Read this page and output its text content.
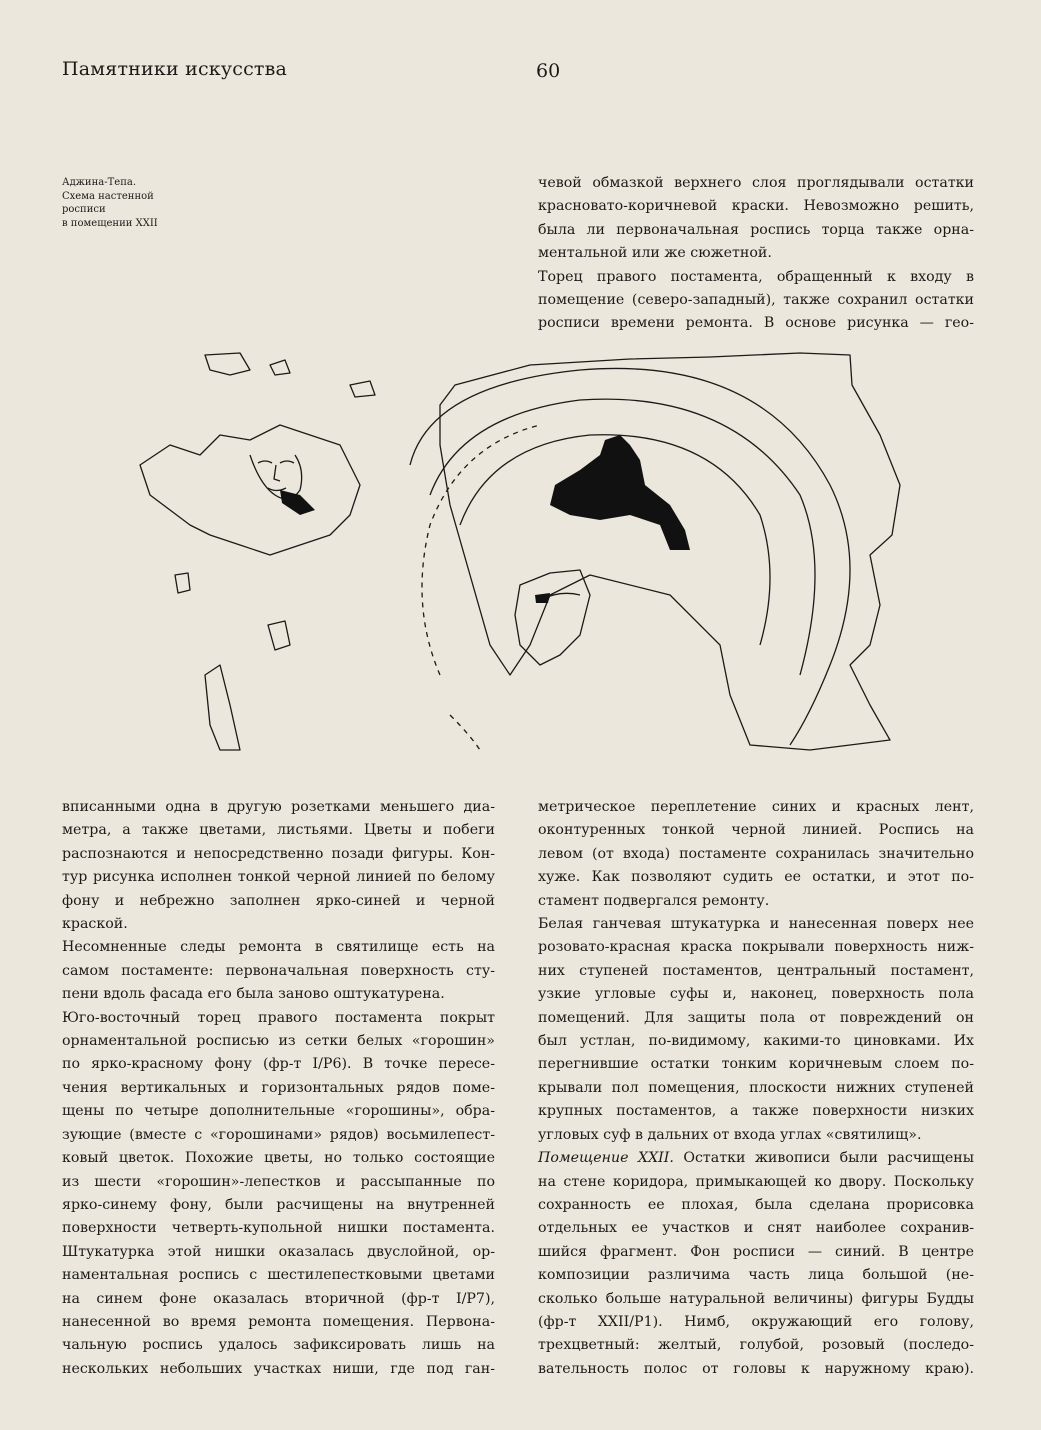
Памятники искусства	60
Аджина-Тепа.
Схема настенной
росписи
в помещении XXII
чевой обмазкой верхнего слоя проглядывали остатки
красновато-коричневой краски. Невозможно решить,
была ли первоначальная роспись торца также орна-
ментальной или же сюжетной.
Торец правого постамента, обращенный к входу в
помещение (северо-западный), также сохранил остатки
росписи времени ремонта. В основе рисунка — гео-
вписанными одна в другую розетками меньшего диа-
метра, а также цветами, листьями. Цветы и побеги
распознаются и непосредственно позади фигуры. Кон-
тур рисунка исполнен тонкой черной линией по белому
фону и небрежно заполнен ярко-синей и черной
краской.
Несомненные следы ремонта в святилище есть на
самом постаменте: первоначальная поверхность сту-
пени вдоль фасада его была заново оштукатурена.
Юго-восточный торец правого постамента покрыт
орнаментальной росписью из сетки белых «горошин»
по ярко-красному фону (фр-т I/P6). В точке пересе-
чения вертикальных и горизонтальных рядов поме-
щены по четыре дополнительные «горошины», обра-
зующие (вместе с «горошинами» рядов) восьмилепест-
ковый цветок. Похожие цветы, но только состоящие
из шести «горошин»-лепестков и рассыпанные по
ярко-синему фону, были расчищены на внутренней
поверхности четверть-купольной нишки постамента.
Штукатурка этой нишки оказалась двуслойной, ор-
наментальная роспись с шестилепестковыми цветами
на синем фоне оказалась вторичной (фр-т I/P7),
нанесенной во время ремонта помещения. Первона-
чальную роспись удалось зафиксировать лишь на
нескольких небольших участках ниши, где под ган-
метрическое переплетение синих и красных лент,
оконтуренных тонкой черной линией. Роспись на
левом (от входа) постаменте сохранилась значительно
хуже. Как позволяют судить ее остатки, и этот по-
стамент подвергался ремонту.
Белая ганчевая штукатурка и нанесенная поверх нее
розовато-красная краска покрывали поверхность ниж-
них ступеней постаментов, центральный постамент,
узкие угловые суфы и, наконец, поверхность пола
помещений. Для защиты пола от повреждений он
был устлан, по-видимому, какими-то циновками. Их
перегнившие остатки тонким коричневым слоем по-
крывали пол помещения, плоскости нижних ступеней
крупных постаментов, а также поверхности низких
угловых суф в дальних от входа углах «святилищ».
Помещение XXII. Остатки живописи были расчищены
на стене коридора, примыкающей ко двору. Поскольку
сохранность ее плохая, была сделана прорисовка
отдельных ее участков и снят наиболее сохранив-
шийся фрагмент. Фон росписи — синий. В центре
композиции различима часть лица большой (не-
сколько больше натуральной величины) фигуры Будды
(фр-т XXII/P1). Нимб, окружающий его голову,
трехцветный: желтый, голубой, розовый (последо-
вательность полос от головы к наружному краю).
